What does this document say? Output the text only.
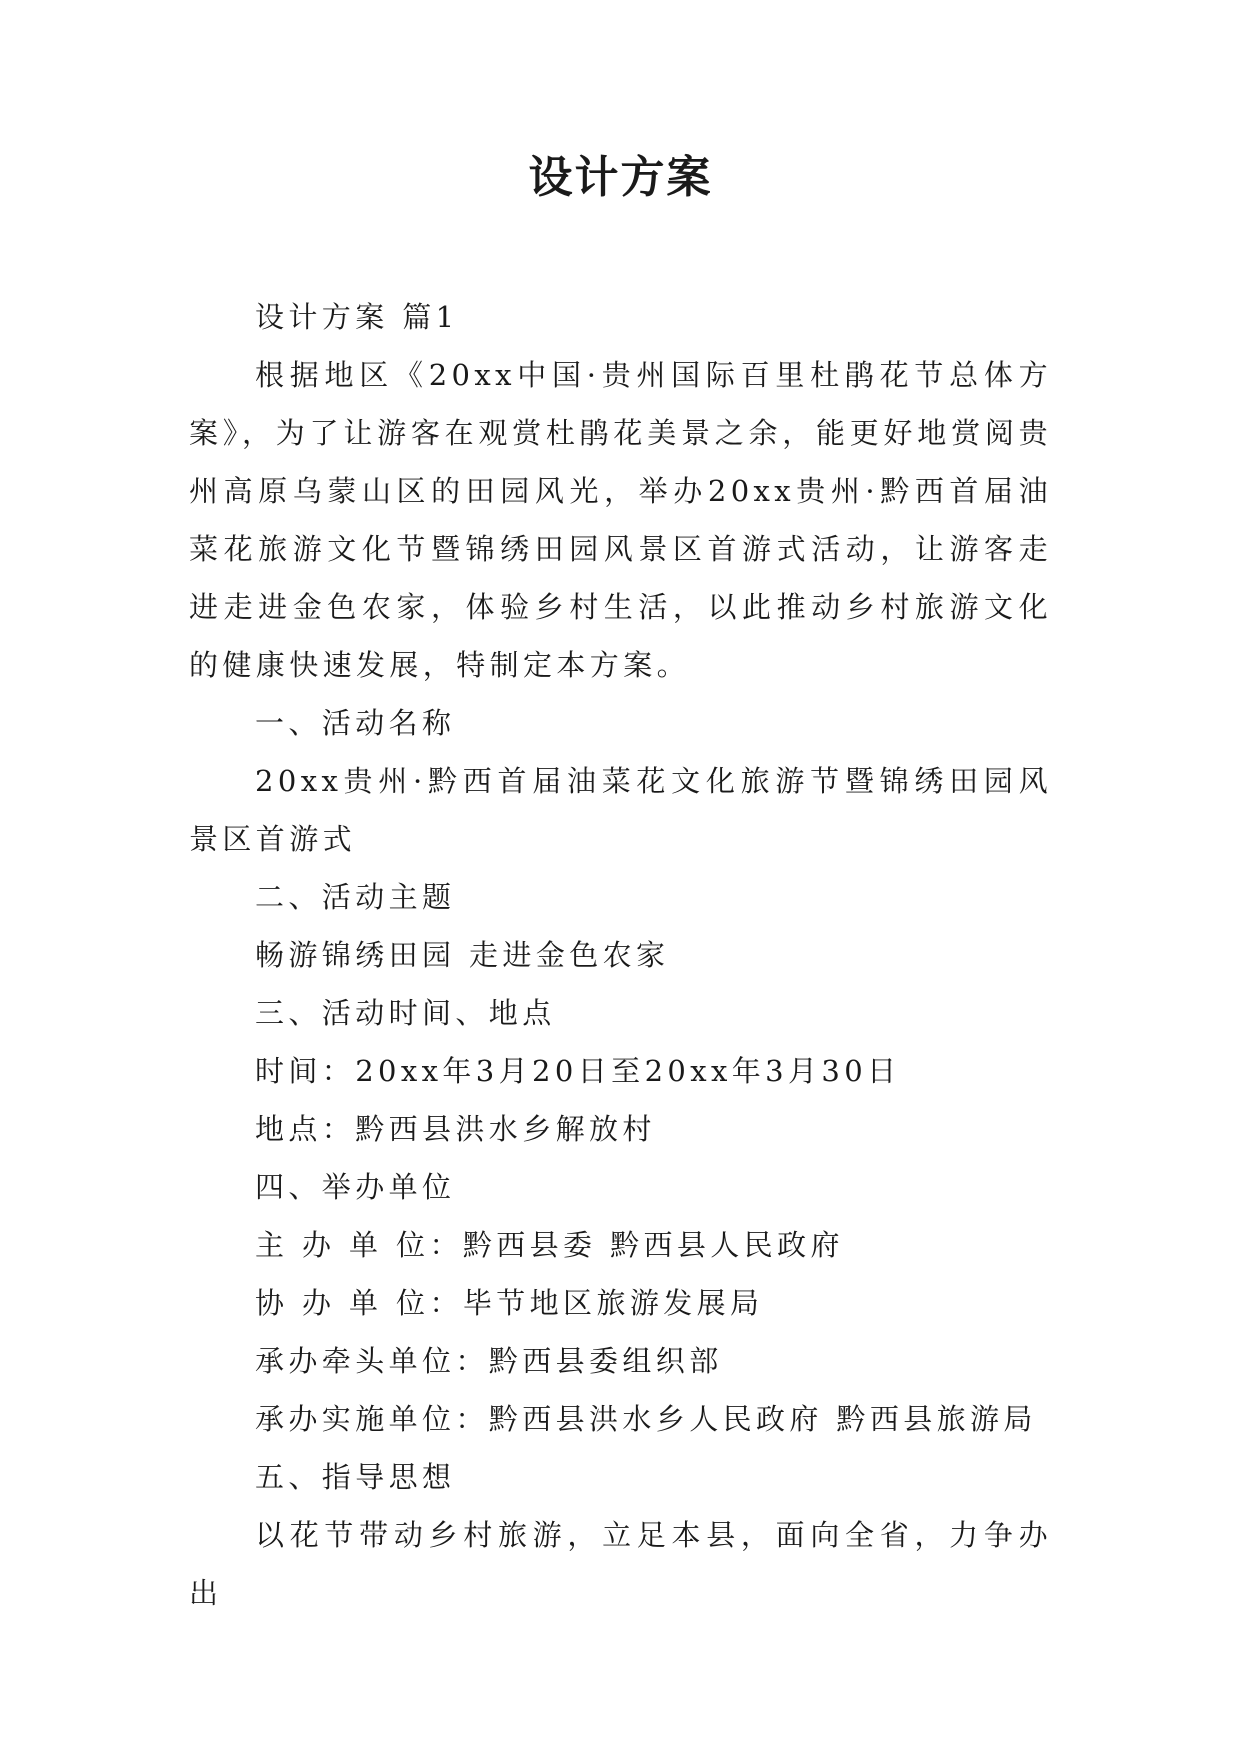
设计方案

设计方案 篇1

根据地区《20xx中国·贵州国际百里杜鹃花节总体方案》，为了让游客在观赏杜鹃花美景之余，能更好地赏阅贵州高原乌蒙山区的田园风光，举办20xx贵州·黔西首届油菜花旅游文化节暨锦绣田园风景区首游式活动，让游客走进走进金色农家，体验乡村生活，以此推动乡村旅游文化的健康快速发展，特制定本方案。

一、活动名称

20xx贵州·黔西首届油菜花文化旅游节暨锦绣田园风景区首游式

二、活动主题

畅游锦绣田园 走进金色农家

三、活动时间、地点

时间：20xx年3月20日至20xx年3月30日

地点：黔西县洪水乡解放村

四、举办单位

主 办 单 位：黔西县委 黔西县人民政府

协 办 单 位：毕节地区旅游发展局

承办牵头单位：黔西县委组织部

承办实施单位：黔西县洪水乡人民政府 黔西县旅游局

五、指导思想

以花节带动乡村旅游，立足本县，面向全省，力争办出
